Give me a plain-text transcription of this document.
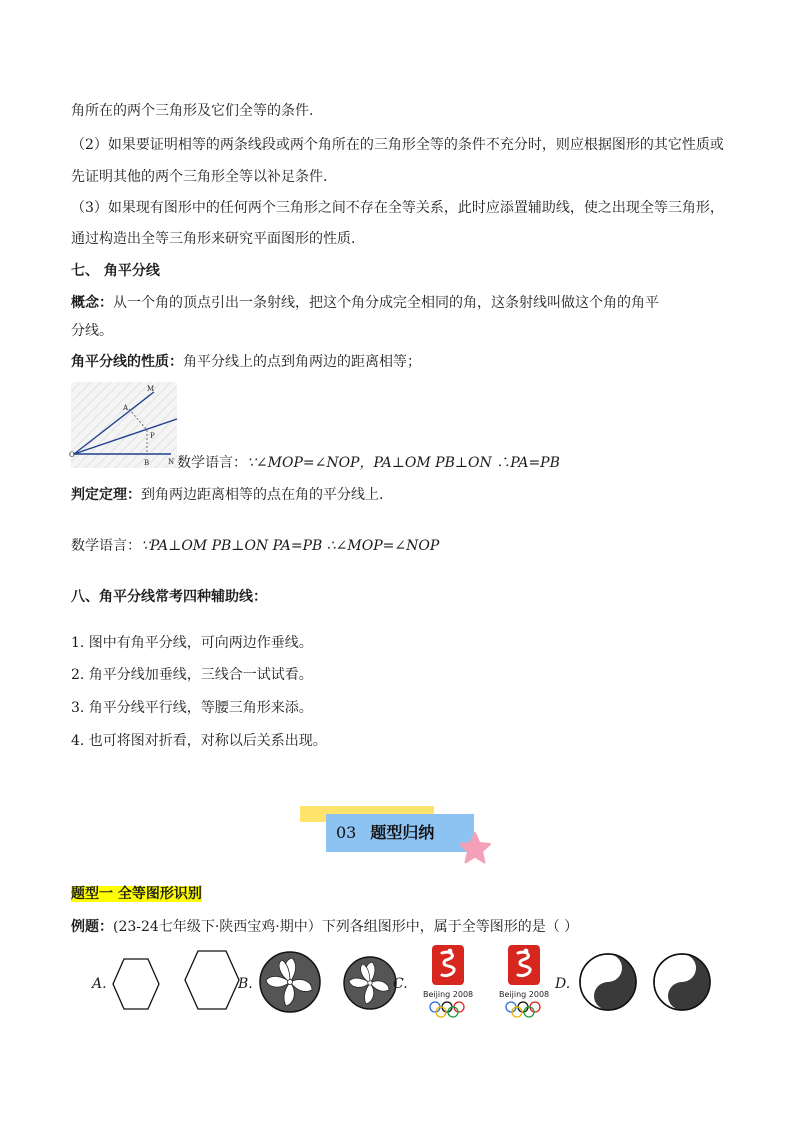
角所在的两个三角形及它们全等的条件.
（2）如果要证明相等的两条线段或两个角所在的三角形全等的条件不充分时，则应根据图形的其它性质或
先证明其他的两个三角形全等以补足条件.
（3）如果现有图形中的任何两个三角形之间不存在全等关系，此时应添置辅助线，使之出现全等三角形，
通过构造出全等三角形来研究平面图形的性质.
七、 角平分线
概念：从一个角的顶点引出一条射线，把这个角分成完全相同的角，这条射线叫做这个角的角平
分线。
角平分线的性质：角平分线上的点到角两边的距离相等；
M
A
P
O
B	N 数学语言：∵∠MOP=∠NOP，PA⊥OM PB⊥ON ∴PA=PB
判定定理：到角两边距离相等的点在角的平分线上.
数学语言：∵PA⊥OM PB⊥ON PA=PB ∴∠MOP=∠NOP
八、角平分线常考四种辅助线：
1. 图中有角平分线，可向两边作垂线。
2. 角平分线加垂线，三线合一试试看。
3. 角平分线平行线，等腰三角形来添。
4. 也可将图对折看，对称以后关系出现。
03 题型归纳
题型一 全等图形识别
例题：(23-24七年级下·陕西宝鸡·期中）下列各组图形中，属于全等图形的是（ ）
A.	B.	C.
Beijing 2008	Beijing 2008
D.
